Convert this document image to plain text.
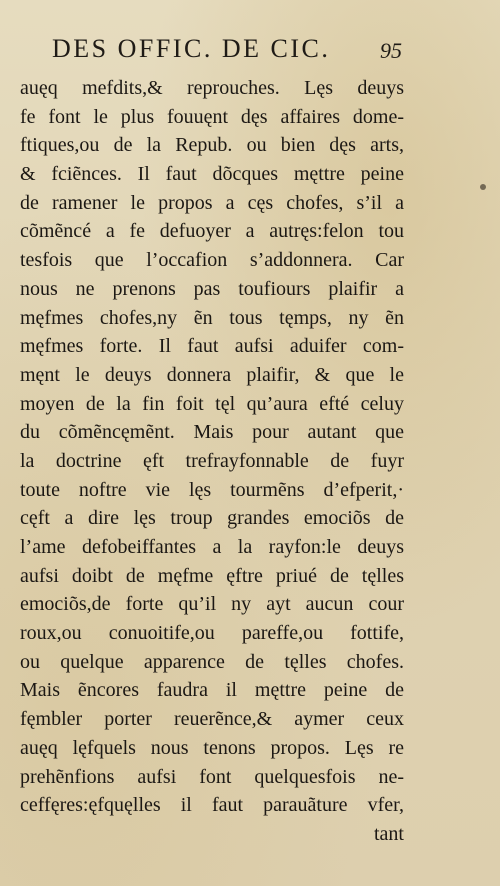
DES OFFIC. DE CIC. 95
auęq mefdits,& reprouches. Lęs deuys
fe font le plus fouuęnt dęs affaires dome-
ftiques,ou de la Repub. ou bien dęs arts,
& fciẽnces. Il faut dõcques męttre peine
de ramener le propos a cęs chofes, s’il a
cõmẽncé a fe defuoyer a autręs:felon tou
tesfois que l’occafion s’addonnera. Car
nous ne prenons pas toufiours plaifir a
męfmes chofes,ny ẽn tous tęmps, ny ẽn
męfmes forte. Il faut aufsi aduifer com-
męnt le deuys donnera plaifir, & que le
moyen de la fin foit tęl qu’aura efté celuy
du cõmẽncęmẽnt. Mais pour autant que
la doctrine ęft trefrayfonnable de fuyr
toute noftre vie lęs tourmẽns d’efperit,·
cęft a dire lęs troup grandes emociõs de
l’ame defobeiffantes a la rayfon:le deuys
aufsi doibt de męfme ęftre priué de tęlles
emociõs,de forte qu’il ny ayt aucun cour
roux,ou conuoitife,ou pareffe,ou fottife,
ou quelque apparence de tęlles chofes.
Mais ẽncores faudra il męttre peine de
fęmbler porter reuerẽnce,& aymer ceux
auęq lęfquels nous tenons propos. Lęs re
prehẽnfions aufsi font quelquesfois ne-
ceffęres:ęfquęlles il faut parauãture vfer,
tant
